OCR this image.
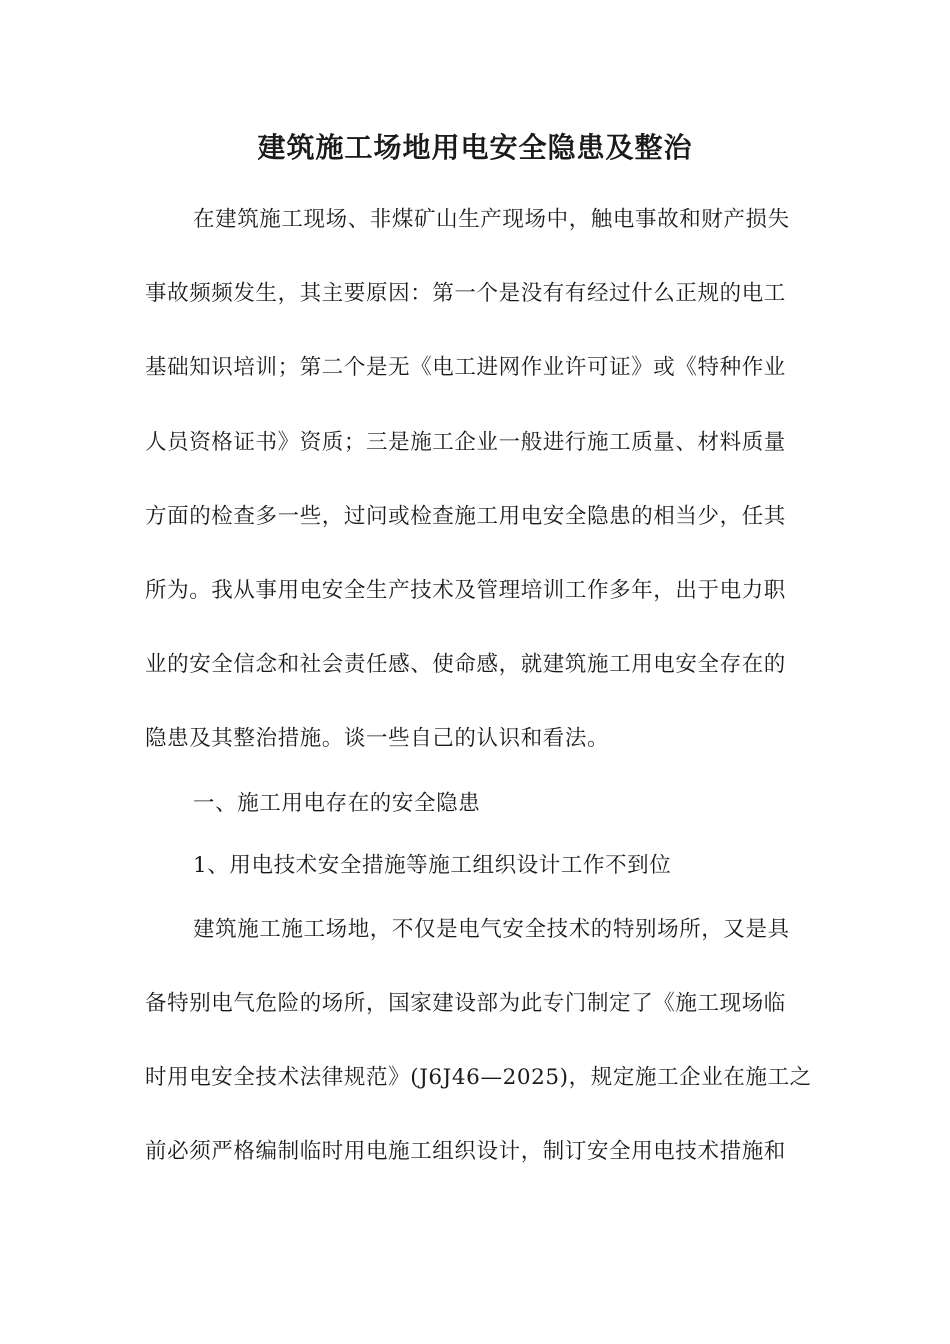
建筑施工场地用电安全隐患及整治
在建筑施工现场、非煤矿山生产现场中，触电事故和财产损失
事故频频发生，其主要原因：第一个是没有有经过什么正规的电工
基础知识培训；第二个是无《电工进网作业许可证》或《特种作业
人员资格证书》资质；三是施工企业一般进行施工质量、材料质量
方面的检查多一些，过问或检查施工用电安全隐患的相当少，任其
所为。我从事用电安全生产技术及管理培训工作多年，出于电力职
业的安全信念和社会责任感、使命感，就建筑施工用电安全存在的
隐患及其整治措施。谈一些自己的认识和看法。
一、施工用电存在的安全隐患
1、用电技术安全措施等施工组织设计工作不到位
建筑施工施工场地，不仅是电气安全技术的特别场所，又是具
备特别电气危险的场所，国家建设部为此专门制定了《施工现场临
时用电安全技术法律规范》(J6J46—2025)，规定施工企业在施工之
前必须严格编制临时用电施工组织设计，制订安全用电技术措施和
